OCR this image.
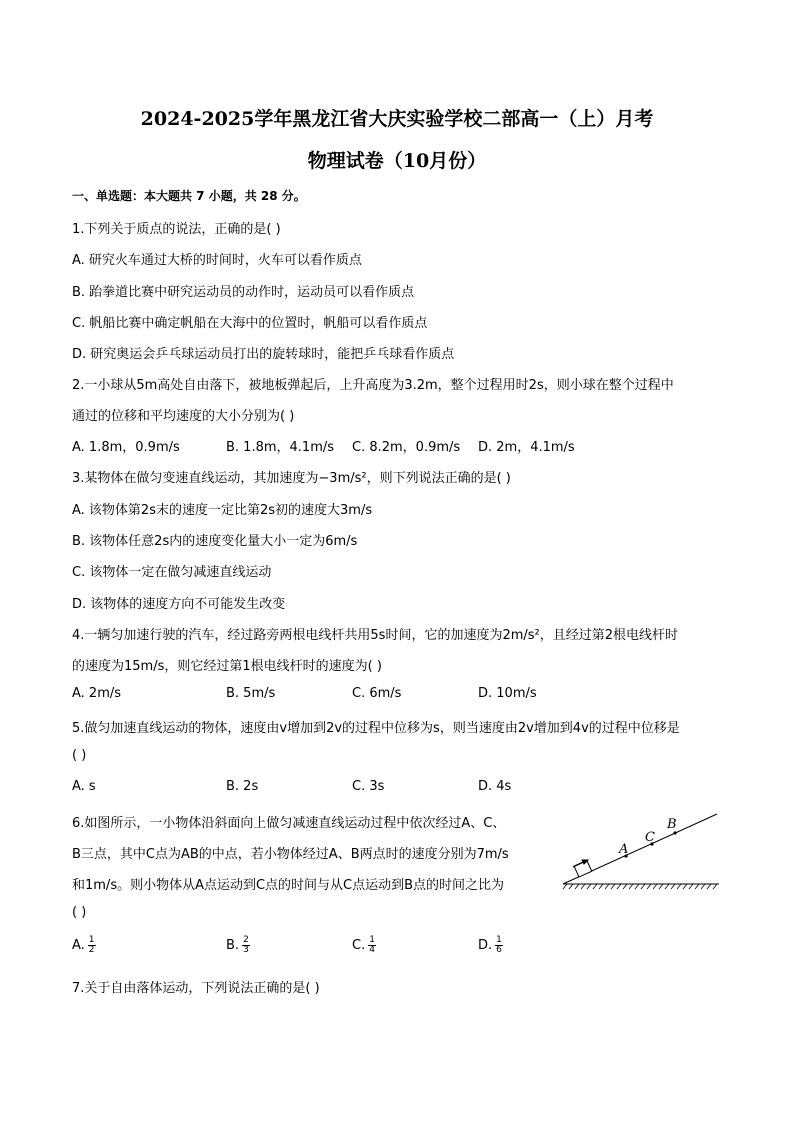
2024-2025学年黑龙江省大庆实验学校二部高一（上）月考
物理试卷（10月份）
一、单选题：本大题共 7 小题，共 28 分。
1.下列关于质点的说法，正确的是( )
A. 研究火车通过大桥的时间时，火车可以看作质点
B. 跆拳道比赛中研究运动员的动作时，运动员可以看作质点
C. 帆船比赛中确定帆船在大海中的位置时，帆船可以看作质点
D. 研究奥运会乒乓球运动员打出的旋转球时，能把乒乓球看作质点
2.一小球从5m高处自由落下，被地板弹起后，上升高度为3.2m，整个过程用时2s，则小球在整个过程中
通过的位移和平均速度的大小分别为( )
A. 1.8m，0.9m/s	B. 1.8m，4.1m/s C. 8.2m，0.9m/s D. 2m，4.1m/s
3.某物体在做匀变速直线运动，其加速度为−3m/s²，则下列说法正确的是( )
A. 该物体第2s末的速度一定比第2s初的速度大3m/s
B. 该物体任意2s内的速度变化量大小一定为6m/s
C. 该物体一定在做匀减速直线运动
D. 该物体的速度方向不可能发生改变
4.一辆匀加速行驶的汽车，经过路旁两根电线杆共用5s时间，它的加速度为2m/s²，且经过第2根电线杆时
的速度为15m/s，则它经过第1根电线杆时的速度为( )
A. 2m/s	B. 5m/s	C. 6m/s	D. 10m/s
5.做匀加速直线运动的物体，速度由v增加到2v的过程中位移为s，则当速度由2v增加到4v的过程中位移是
( )
A. s	B. 2s	C. 3s	D. 4s
6.如图所示，一小物体沿斜面向上做匀减速直线运动过程中依次经过A、C、
B三点，其中C点为AB的中点，若小物体经过A、B两点时的速度分别为7m/s
和1m/s。则小物体从A点运动到C点的时间与从C点运动到B点的时间之比为
( )
A. $\frac{1}{2}$	B. $\frac{2}{3}$	C. $\frac{1}{4}$	D. $\frac{1}{6}$
A
C
B
7.关于自由落体运动，下列说法正确的是( )
